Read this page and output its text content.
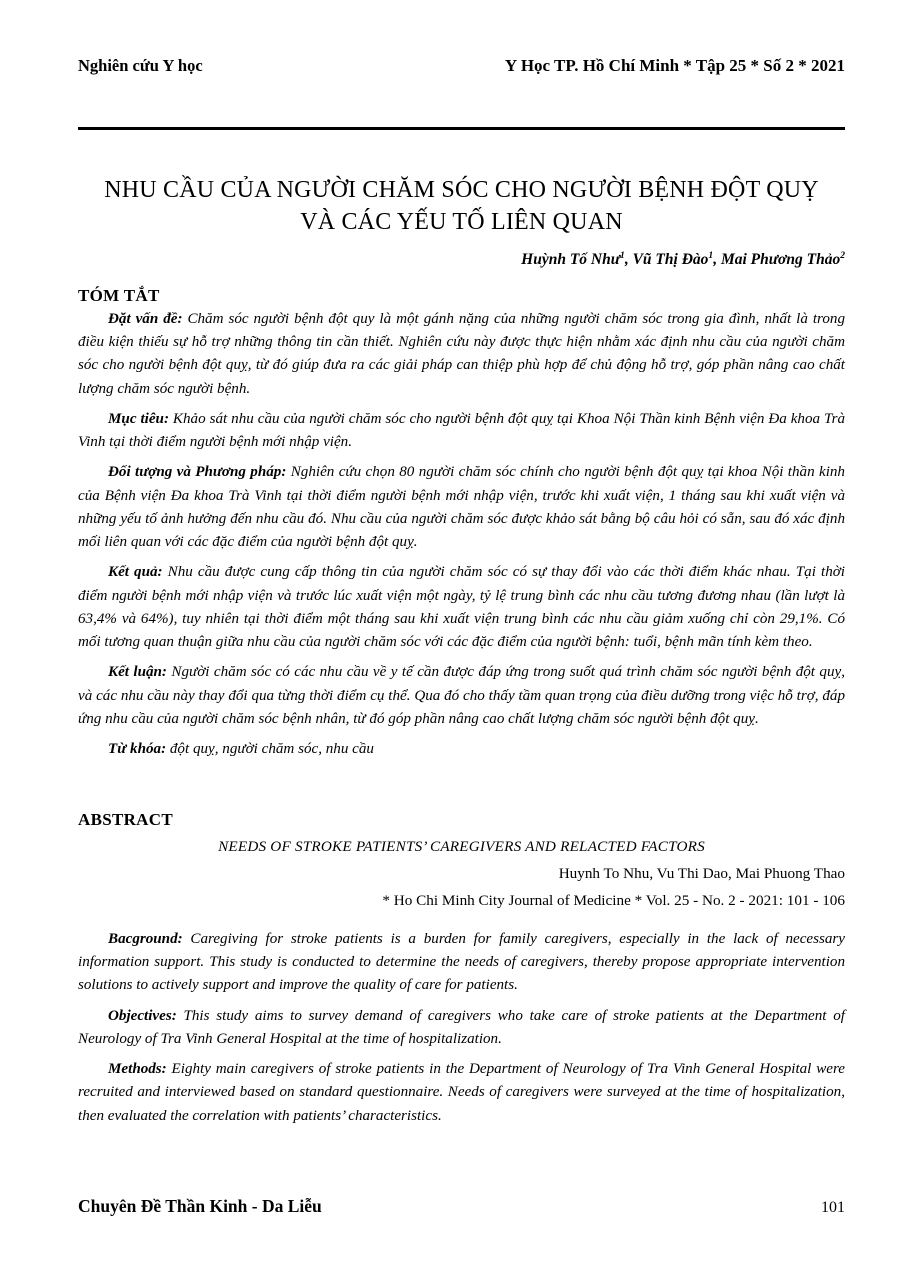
Nghiên cứu Y học	Y Học TP. Hồ Chí Minh * Tập 25 * Số 2 * 2021
NHU CẦU CỦA NGƯỜI CHĂM SÓC CHO NGƯỜI BỆNH ĐỘT QUỴ
VÀ CÁC YẾU TỐ LIÊN QUAN
Huỳnh Tố Như$^1$, Vũ Thị Đào$^1$, Mai Phương Thảo$^2$
TÓM TẮT

Đặt vấn đề: Chăm sóc người bệnh đột quy là một gánh nặng của những người chăm sóc trong gia đình, nhất là trong điều kiện thiếu sự hỗ trợ những thông tin cần thiết. Nghiên cứu này được thực hiện nhằm xác định nhu cầu của người chăm sóc cho người bệnh đột quỵ, từ đó giúp đưa ra các giải pháp can thiệp phù hợp để chủ động hỗ trợ, góp phần nâng cao chất lượng chăm sóc người bệnh.

Mục tiêu: Khảo sát nhu cầu của người chăm sóc cho người bệnh đột quỵ tại Khoa Nội Thần kinh Bệnh viện Đa khoa Trà Vinh tại thời điểm người bệnh mới nhập viện.

Đối tượng và Phương pháp: Nghiên cứu chọn 80 người chăm sóc chính cho người bệnh đột quỵ tại khoa Nội thần kinh của Bệnh viện Đa khoa Trà Vinh tại thời điểm người bệnh mới nhập viện, trước khi xuất viện, 1 tháng sau khi xuất viện và những yếu tố ảnh hưởng đến nhu cầu đó. Nhu cầu của người chăm sóc được khảo sát bằng bộ câu hỏi có sẵn, sau đó xác định mối liên quan với các đặc điểm của người bệnh đột quỵ.

Kết quả: Nhu cầu được cung cấp thông tin của người chăm sóc có sự thay đổi vào các thời điểm khác nhau. Tại thời điểm người bệnh mới nhập viện và trước lúc xuất viện một ngày, tỷ lệ trung bình các nhu cầu tương đương nhau (lần lượt là 63,4% và 64%), tuy nhiên tại thời điểm một tháng sau khi xuất viện trung bình các nhu cầu giảm xuống chỉ còn 29,1%. Có mối tương quan thuận giữa nhu cầu của người chăm sóc với các đặc điểm của người bệnh: tuổi, bệnh mãn tính kèm theo.

Kết luận: Người chăm sóc có các nhu cầu về y tế cần được đáp ứng trong suốt quá trình chăm sóc người bệnh đột quỵ, và các nhu cầu này thay đổi qua từng thời điểm cụ thể. Qua đó cho thấy tầm quan trọng của điều dưỡng trong việc hỗ trợ, đáp ứng nhu cầu của người chăm sóc bệnh nhân, từ đó góp phần nâng cao chất lượng chăm sóc người bệnh đột quỵ.

Từ khóa: đột quỵ, người chăm sóc, nhu cầu

ABSTRACT
NEEDS OF STROKE PATIENTS’ CAREGIVERS AND RELACTED FACTORS
Huynh To Nhu, Vu Thi Dao, Mai Phuong Thao
* Ho Chi Minh City Journal of Medicine * Vol. 25 - No. 2 - 2021: 101 - 106

Bacground: Caregiving for stroke patients is a burden for family caregivers, especially in the lack of necessary information support. This study is conducted to determine the needs of caregivers, thereby propose appropriate intervention solutions to actively support and improve the quality of care for patients.

Objectives: This study aims to survey demand of caregivers who take care of stroke patients at the Department of Neurology of Tra Vinh General Hospital at the time of hospitalization.

Methods: Eighty main caregivers of stroke patients in the Department of Neurology of Tra Vinh General Hospital were recruited and interviewed based on standard questionnaire. Needs of caregivers were surveyed at the time of hospitalization, then evaluated the correlation with patients’ characteristics.

Chuyên Đề Thần Kinh - Da Liễu	101
